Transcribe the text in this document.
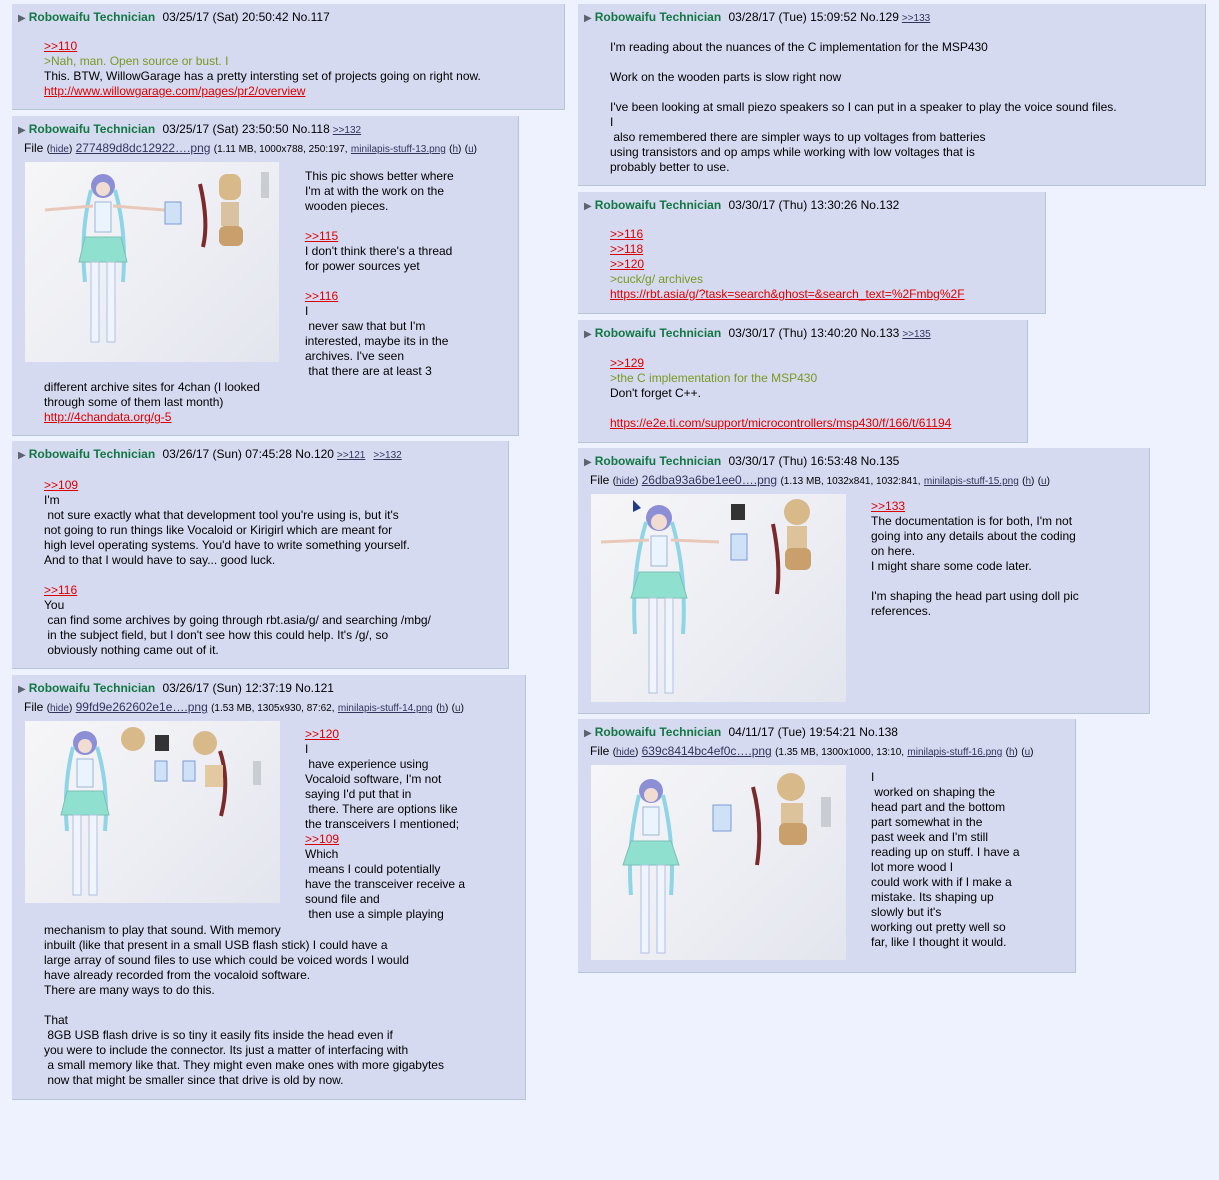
▶ Robowaifu Technician 03/25/17 (Sat) 20:50:42 No.117
>>110
>Nah, man. Open source or bust. I
This. BTW, WillowGarage has a pretty intersting set of projects going on right now.
http://www.willowgarage.com/pages/pr2/overview

▶ Robowaifu Technician 03/25/17 (Sat) 23:50:50 No.118 >>132
File (hide) 277489d8dc12922….png (1.11 MB, 1000x788, 250:197, minilapis-stuff-13.png (h) (u)
This pic shows better where
I'm at with the work on the
wooden pieces.

>>115
I don't think there's a thread
for power sources yet

>>116
I
never saw that but I'm
interested, maybe its in the
archives. I've seen
that there are at least 3

different archive sites for 4chan (I looked
through some of them last month)
http://4chandata.org/g-5

▶ Robowaifu Technician 03/26/17 (Sun) 07:45:28 No.120 >>121 >>132
>>109
I'm
not sure exactly what that development tool you're using is, but it's
not going to run things like Vocaloid or Kirigirl which are meant for
high level operating systems. You'd have to write something yourself.
And to that I would have to say... good luck.

>>116
You
can find some archives by going through rbt.asia/g/ and searching /mbg/
in the subject field, but I don't see how this could help. It's /g/, so
obviously nothing came out of it.

▶ Robowaifu Technician 03/26/17 (Sun) 12:37:19 No.121
File (hide) 99fd9e262602e1e….png (1.53 MB, 1305x930, 87:62, minilapis-stuff-14.png (h) (u)
>>120
I
have experience using
Vocaloid software, I'm not
saying I'd put that in
there. There are options like
the transceivers I mentioned;
>>109
Which
means I could potentially
have the transceiver receive a
sound file and
then use a simple playing

mechanism to play that sound. With memory
inbuilt (like that present in a small USB flash stick) I could have a
large array of sound files to use which could be voiced words I would
have already recorded from the vocaloid software.
There are many ways to do this.

That
8GB USB flash drive is so tiny it easily fits inside the head even if
you were to include the connector. Its just a matter of interfacing with
a small memory like that. They might even make ones with more gigabytes
now that might be smaller since that drive is old by now.

▶ Robowaifu Technician 03/28/17 (Tue) 15:09:52 No.129 >>133
I'm reading about the nuances of the C implementation for the MSP430

Work on the wooden parts is slow right now

I've been looking at small piezo speakers so I can put in a speaker to play the voice sound files.
I
also remembered there are simpler ways to up voltages from batteries
using transistors and op amps while working with low voltages that is
probably better to use.

▶ Robowaifu Technician 03/30/17 (Thu) 13:30:26 No.132
>>116
>>118
>>120
>cuck/g/ archives
https://rbt.asia/g/?task=search&ghost=&search_text=%2Fmbg%2F

▶ Robowaifu Technician 03/30/17 (Thu) 13:40:20 No.133 >>135
>>129
>the C implementation for the MSP430
Don't forget C++.

https://e2e.ti.com/support/microcontrollers/msp430/f/166/t/61194

▶ Robowaifu Technician 03/30/17 (Thu) 16:53:48 No.135
File (hide) 26dba93a6be1ee0….png (1.13 MB, 1032x841, 1032:841, minilapis-stuff-15.png (h) (u)
>>133
The documentation is for both, I'm not
going into any details about the coding
on here.
I might share some code later.

I'm shaping the head part using doll pic
references.

▶ Robowaifu Technician 04/11/17 (Tue) 19:54:21 No.138
File (hide) 639c8414bc4ef0c….png (1.35 MB, 1300x1000, 13:10, minilapis-stuff-16.png (h) (u)
I
worked on shaping the
head part and the bottom
part somewhat in the
past week and I'm still
reading up on stuff. I have a
lot more wood I
could work with if I make a
mistake. Its shaping up
slowly but it's
working out pretty well so
far, like I thought it would.
